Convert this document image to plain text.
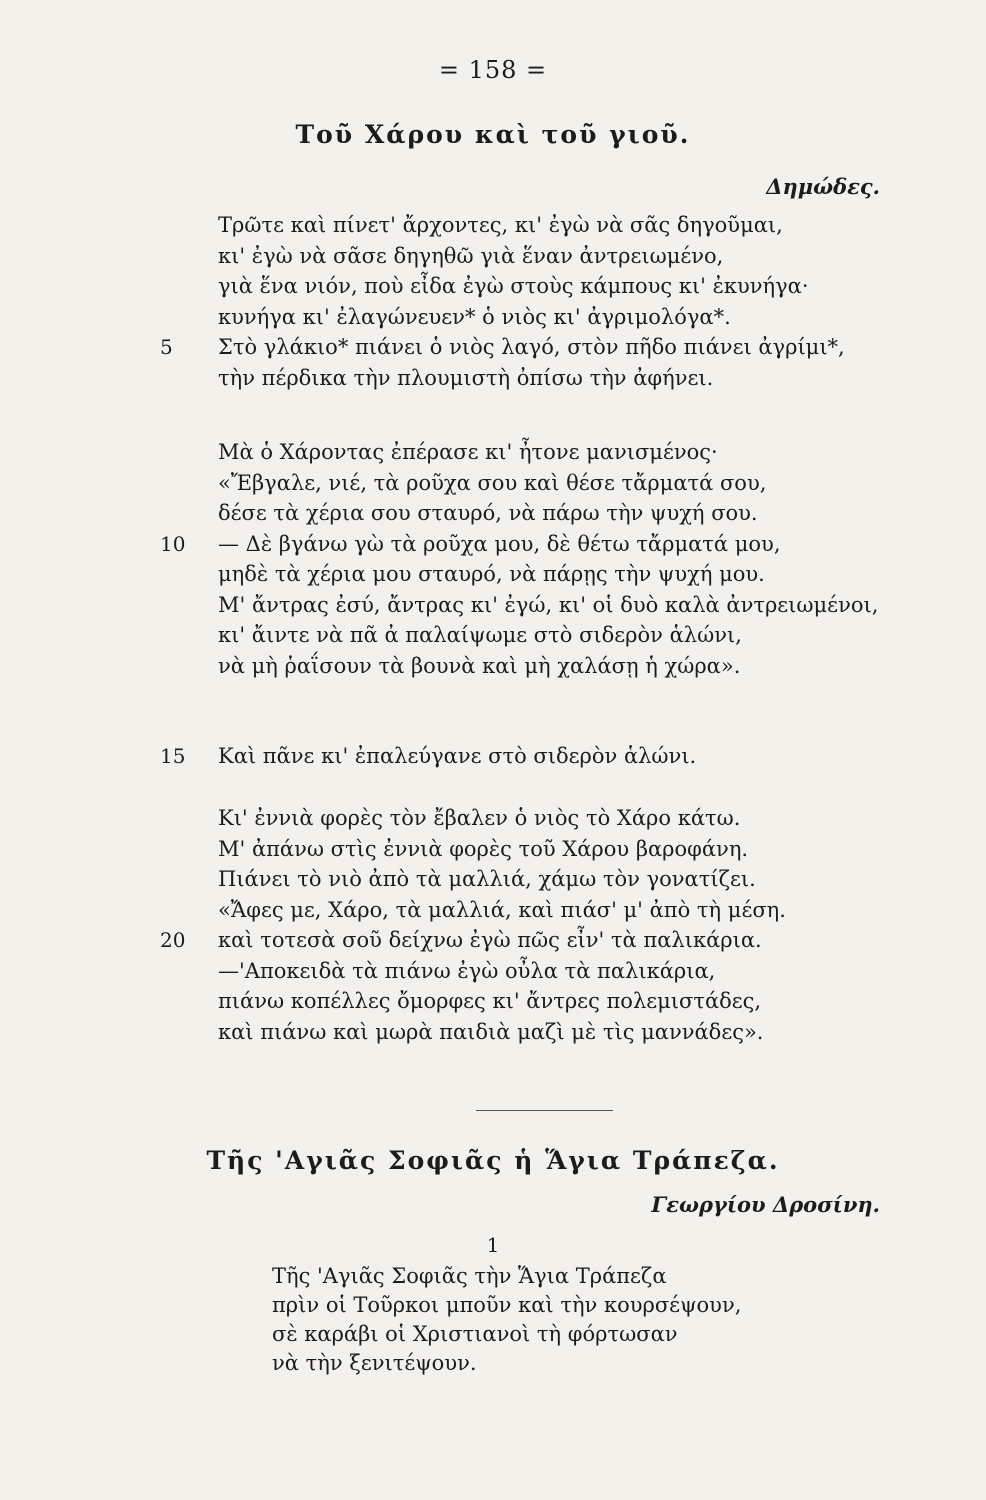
= 158 =
Τοῦ Χάρου καὶ τοῦ γιοῦ.
Δημώδες.
Τρῶτε καὶ πίνετ' ἄρχοντες, κι' ἐγὼ νὰ σᾶς δηγοῦμαι,
κι' ἐγὼ νὰ σᾶσε δηγηθῶ γιὰ ἕναν ἀντρειωμένο,
γιὰ ἕνα νιόν, ποὺ εἶδα ἐγὼ στοὺς κάμπους κι' ἐκυνήγα·
κυνήγα κι' ἐλαγώνευεν* ὁ νιὸς κι' ἀγριμολόγα*.
5	Στὸ γλάκιο* πιάνει ὁ νιὸς λαγό, στὸν πῆδο πιάνει ἀγρίμι*,
τὴν πέρδικα τὴν πλουμιστὴ ὀπίσω τὴν ἀφήνει.
Μὰ ὁ Χάροντας ἐπέρασε κι' ἦτονε μανισμένος·
«Ἔβγαλε, νιέ, τὰ ροῦχα σου καὶ θέσε τἄρματά σου,
δέσε τὰ χέρια σου σταυρό, νὰ πάρω τὴν ψυχή σου.
10	— Δὲ βγάνω γὼ τὰ ροῦχα μου, δὲ θέτω τἄρματά μου,
μηδὲ τὰ χέρια μου σταυρό, νὰ πάρῃς τὴν ψυχή μου.
Μ' ἄντρας ἐσύ, ἄντρας κι' ἐγώ, κι' οἱ δυὸ καλὰ ἀντρειωμένοι,
κι' ἄιντε νὰ πᾶ ἀ παλαίψωμε στὸ σιδερὸν ἁλώνι,
νὰ μὴ ῥαΐσουν τὰ βουνὰ καὶ μὴ χαλάσῃ ἡ χώρα».
15	Καὶ πᾶνε κι' ἐπαλεύγανε στὸ σιδερὸν ἁλώνι.
Κι' ἐννιὰ φορὲς τὸν ἔβαλεν ὁ νιὸς τὸ Χάρο κάτω.
Μ' ἀπάνω στὶς ἐννιὰ φορὲς τοῦ Χάρου βαροφάνη.
Πιάνει τὸ νιὸ ἀπὸ τὰ μαλλιά, χάμω τὸν γονατίζει.
«Ἄφες με, Χάρο, τὰ μαλλιά, καὶ πιάσ' μ' ἀπὸ τὴ μέση.
20	καὶ τοτεσὰ σοῦ δείχνω ἐγὼ πῶς εἶν' τὰ παλικάρια.
—'Αποκειδὰ τὰ πιάνω ἐγὼ οὖλα τὰ παλικάρια,
πιάνω κοπέλλες ὄμορφες κι' ἄντρες πολεμιστάδες,
καὶ πιάνω καὶ μωρὰ παιδιὰ μαζὶ μὲ τὶς μαννάδες».
Τῆς 'Αγιᾶς Σοφιᾶς ἡ Ἅγια Τράπεζα.
Γεωργίου Δροσίνη.
1
Τῆς 'Αγιᾶς Σοφιᾶς τὴν Ἅγια Τράπεζα
πρὶν οἱ Τοῦρκοι μποῦν καὶ τὴν κουρσέψουν,
σὲ καράβι οἱ Χριστιανοὶ τὴ φόρτωσαν
νὰ τὴν ξενιτέψουν.
